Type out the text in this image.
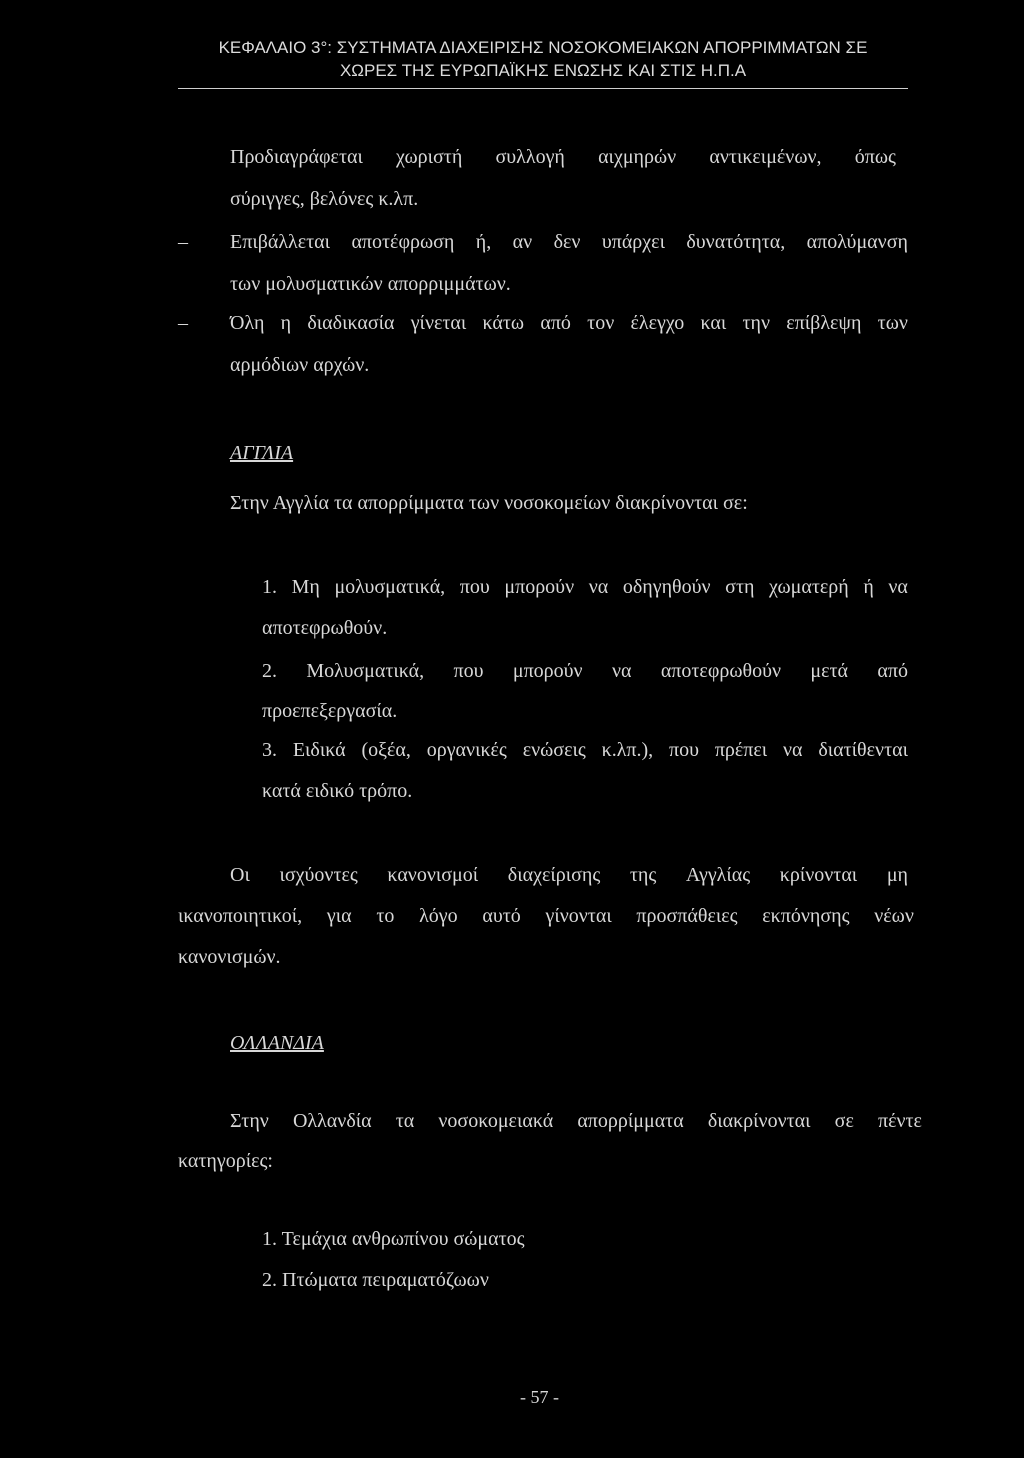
ΚΕΦΑΛΑΙΟ 3°: ΣΥΣΤΗΜΑΤΑ ΔΙΑΧΕΙΡΙΣΗΣ ΝΟΣΟΚΟΜΕΙΑΚΩΝ ΑΠΟΡΡΙΜΜΑΤΩΝ ΣΕ
ΧΩΡΕΣ ΤΗΣ ΕΥΡΩΠΑΪΚΗΣ ΕΝΩΣΗΣ ΚΑΙ ΣΤΙΣ Η.Π.Α
Προδιαγράφεται χωριστή συλλογή αιχμηρών αντικειμένων, όπως
σύριγγες, βελόνες κ.λπ.
– Επιβάλλεται αποτέφρωση ή, αν δεν υπάρχει δυνατότητα, απολύμανση
των μολυσματικών απορριμμάτων.
– Όλη η διαδικασία γίνεται κάτω από τον έλεγχο και την επίβλεψη των
αρμόδιων αρχών.
ΑΓΓΛΙΑ
Στην Αγγλία τα απορρίμματα των νοσοκομείων διακρίνονται σε:
1. Μη μολυσματικά, που μπορούν να οδηγηθούν στη χωματερή ή να
αποτεφρωθούν.
2. Μολυσματικά, που μπορούν να αποτεφρωθούν μετά από
προεπεξεργασία.
3. Ειδικά (οξέα, οργανικές ενώσεις κ.λπ.), που πρέπει να διατίθενται
κατά ειδικό τρόπο.
Οι ισχύοντες κανονισμοί διαχείρισης της Αγγλίας κρίνονται μη
ικανοποιητικοί, για το λόγο αυτό γίνονται προσπάθειες εκπόνησης νέων
κανονισμών.
ΟΛΛΑΝΔΙΑ
Στην Ολλανδία τα νοσοκομειακά απορρίμματα διακρίνονται σε πέντε
κατηγορίες:
1. Τεμάχια ανθρωπίνου σώματος
2. Πτώματα πειραματόζωων
- 57 -
